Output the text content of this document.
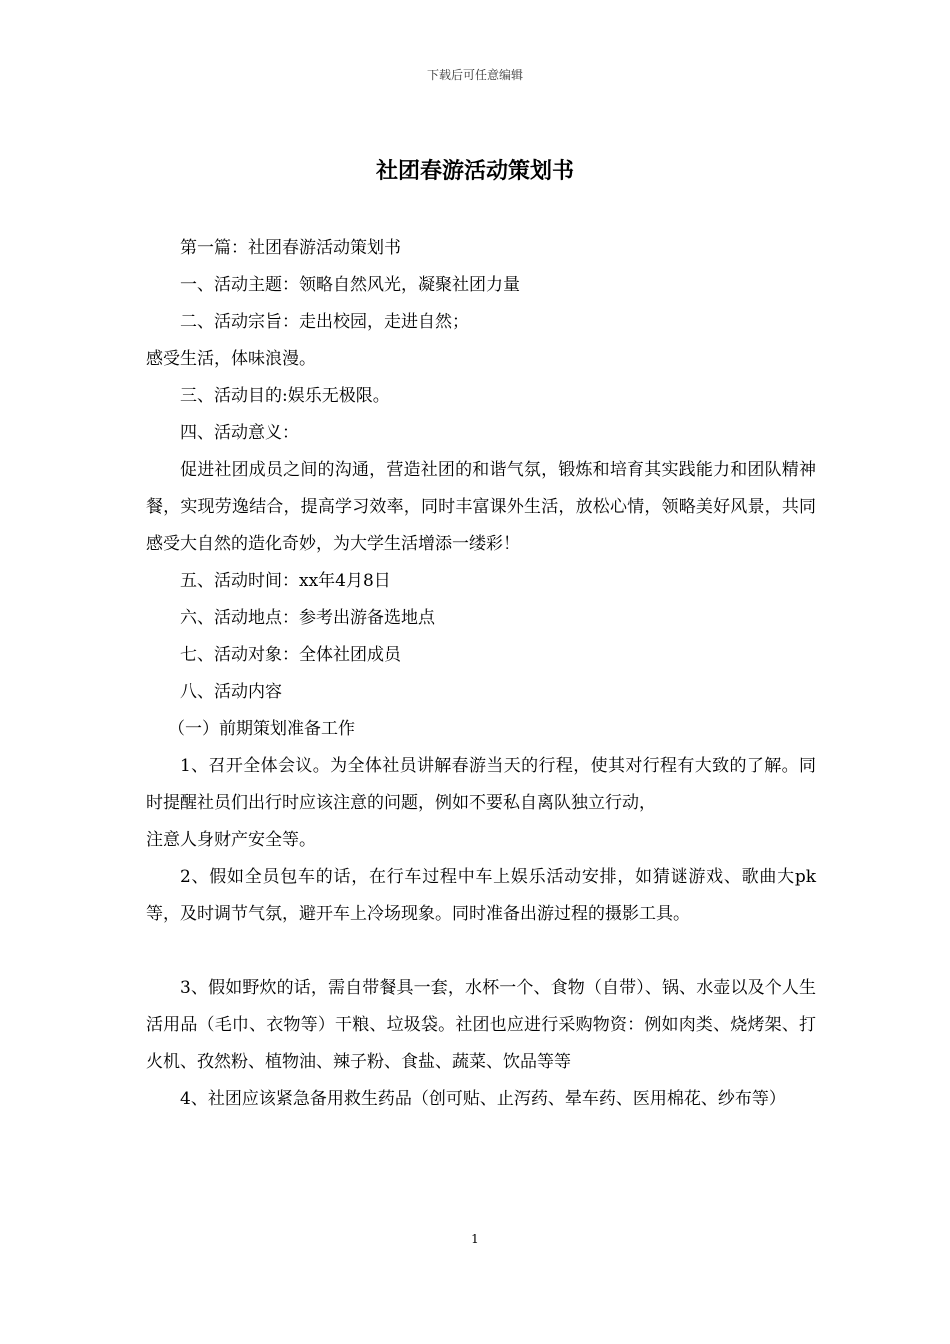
下载后可任意编辑
社团春游活动策划书

第一篇：社团春游活动策划书

一、活动主题：领略自然风光，凝聚社团力量

二、活动宗旨：走出校园，走进自然；

感受生活，体味浪漫。

三、活动目的:娱乐无极限。

四、活动意义：

促进社团成员之间的沟通，营造社团的和谐气氛，锻炼和培育其实践能力和团队精神餐，实现劳逸结合，提高学习效率，同时丰富课外生活，放松心情，领略美好风景，共同感受大自然的造化奇妙，为大学生活增添一缕彩！

五、活动时间：xx年4月8日

六、活动地点：参考出游备选地点

七、活动对象：全体社团成员

八、活动内容

（一）前期策划准备工作

1、召开全体会议。为全体社员讲解春游当天的行程，使其对行程有大致的了解。同时提醒社员们出行时应该注意的问题，例如不要私自离队独立行动，

注意人身财产安全等。

2、假如全员包车的话，在行车过程中车上娱乐活动安排，如猜谜游戏、歌曲大pk等，及时调节气氛，避开车上冷场现象。同时准备出游过程的摄影工具。

3、假如野炊的话，需自带餐具一套，水杯一个、食物（自带）、锅、水壶以及个人生活用品（毛巾、衣物等）干粮、垃圾袋。社团也应进行采购物资：例如肉类、烧烤架、打火机、孜然粉、植物油、辣子粉、食盐、蔬菜、饮品等等

4、社团应该紧急备用救生药品（创可贴、止泻药、晕车药、医用棉花、纱布等）

1
